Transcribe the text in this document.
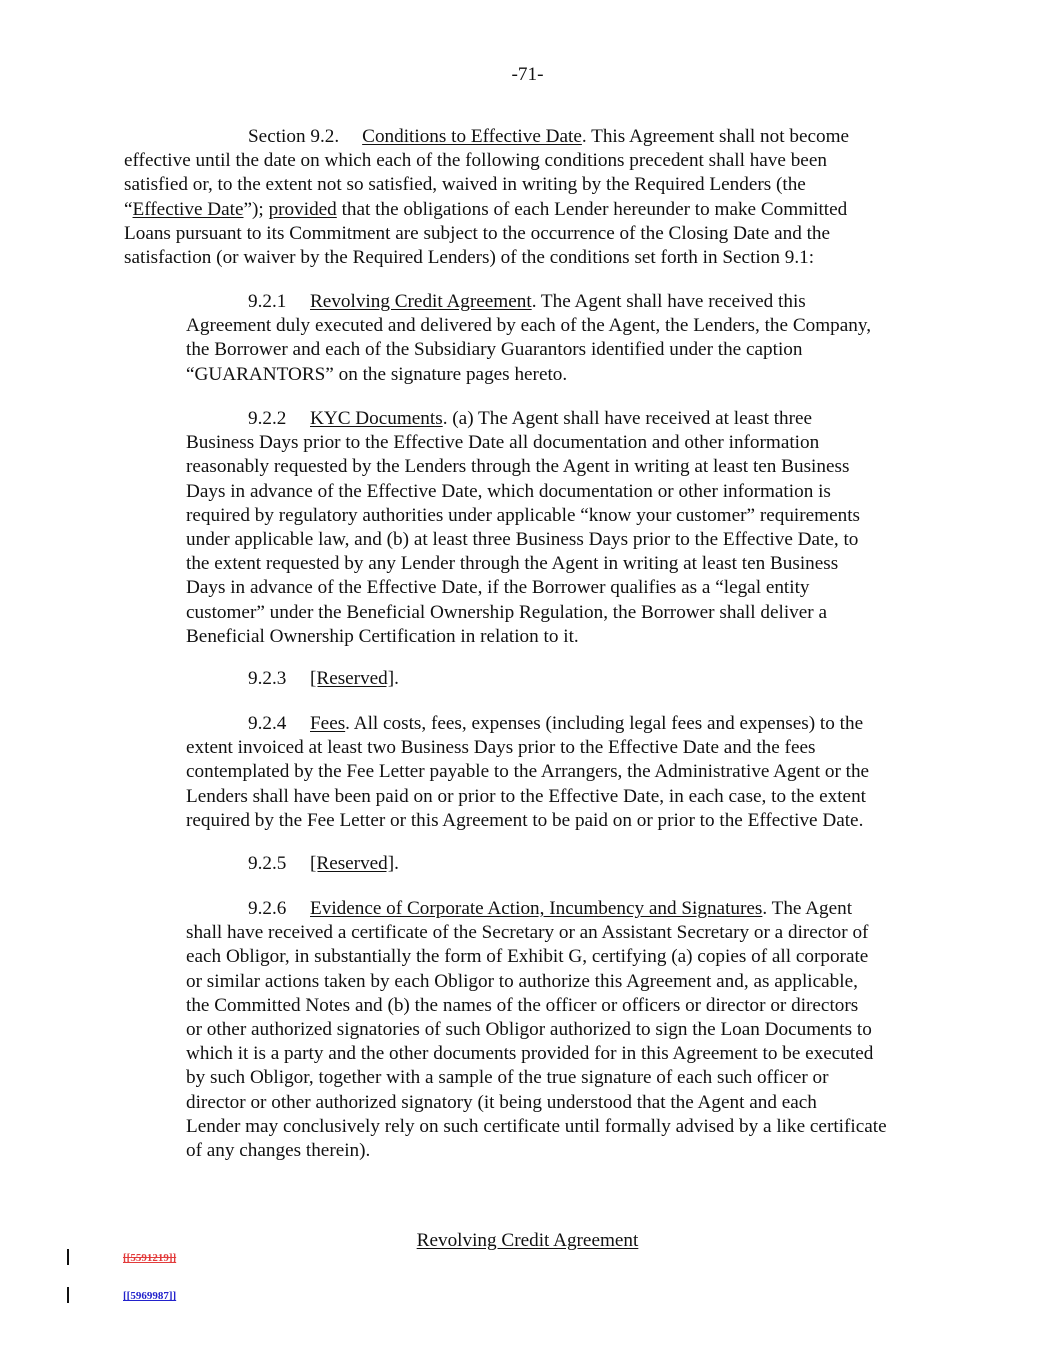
-71-
Section 9.2. Conditions to Effective Date. This Agreement shall not become
effective until the date on which each of the following conditions precedent shall have been
satisfied or, to the extent not so satisfied, waived in writing by the Required Lenders (the
“Effective Date”); provided that the obligations of each Lender hereunder to make Committed
Loans pursuant to its Commitment are subject to the occurrence of the Closing Date and the
satisfaction (or waiver by the Required Lenders) of the conditions set forth in Section 9.1:
9.2.1 Revolving Credit Agreement. The Agent shall have received this
Agreement duly executed and delivered by each of the Agent, the Lenders, the Company,
the Borrower and each of the Subsidiary Guarantors identified under the caption
“GUARANTORS” on the signature pages hereto.
9.2.2 KYC Documents. (a) The Agent shall have received at least three
Business Days prior to the Effective Date all documentation and other information
reasonably requested by the Lenders through the Agent in writing at least ten Business
Days in advance of the Effective Date, which documentation or other information is
required by regulatory authorities under applicable “know your customer” requirements
under applicable law, and (b) at least three Business Days prior to the Effective Date, to
the extent requested by any Lender through the Agent in writing at least ten Business
Days in advance of the Effective Date, if the Borrower qualifies as a “legal entity
customer” under the Beneficial Ownership Regulation, the Borrower shall deliver a
Beneficial Ownership Certification in relation to it.
9.2.3 [Reserved].
9.2.4 Fees. All costs, fees, expenses (including legal fees and expenses) to the
extent invoiced at least two Business Days prior to the Effective Date and the fees
contemplated by the Fee Letter payable to the Arrangers, the Administrative Agent or the
Lenders shall have been paid on or prior to the Effective Date, in each case, to the extent
required by the Fee Letter or this Agreement to be paid on or prior to the Effective Date.
9.2.5 [Reserved].
9.2.6 Evidence of Corporate Action, Incumbency and Signatures. The Agent
shall have received a certificate of the Secretary or an Assistant Secretary or a director of
each Obligor, in substantially the form of Exhibit G, certifying (a) copies of all corporate
or similar actions taken by each Obligor to authorize this Agreement and, as applicable,
the Committed Notes and (b) the names of the officer or officers or director or directors
or other authorized signatories of such Obligor authorized to sign the Loan Documents to
which it is a party and the other documents provided for in this Agreement to be executed
by such Obligor, together with a sample of the true signature of each such officer or
director or other authorized signatory (it being understood that the Agent and each
Lender may conclusively rely on such certificate until formally advised by a like certificate
of any changes therein).
Revolving Credit Agreement
[[5591219]]
[[5969987]]
